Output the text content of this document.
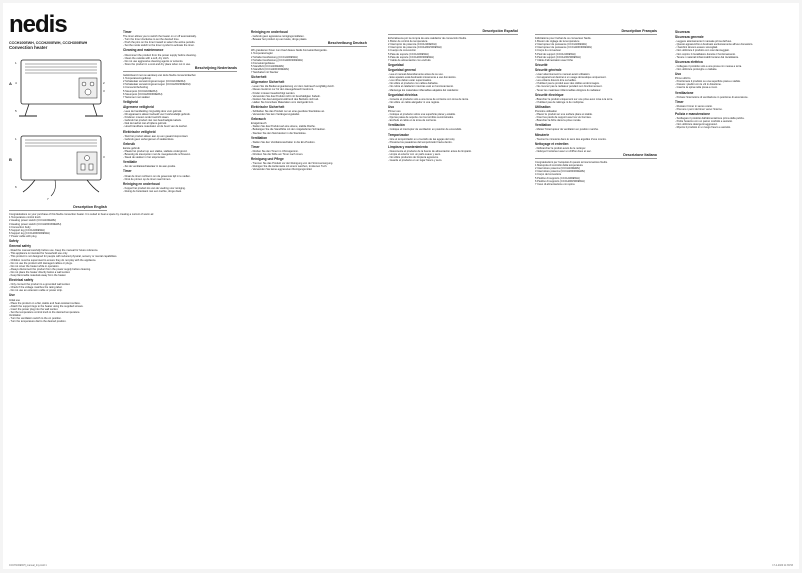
nedis
CCCH100EWH, CCCH200EWH, CCCH300EWH
Convection heater
A
1
2
3
4
5
B
1
3
6
7
Description English
Congratulations on your purchase of this Nedis convection heater. It is suited to heat a space by creating a current of warm air.
1 Temperature control knob
2 Heating power switch (CCCH100EWH)
3 Heating power switch (CCCH200/300EWH)
4 Convection body
5 Support leg (CCCH100EWH)
6 Support leg (CCCH200/300EWH)
7 Power cable with plug
Safety
General safety
- Read the manual carefully before use. Keep the manual for future reference.
- This appliance is intended for household use only.
- This product is not designed for people with reduced physical, sensory or mental capabilities.
- Children must be supervised to ensure they do not play with the appliance.
- Do not use the product with damaged cables or plugs.
- Do not cover the heater while in operation.
- Always disconnect the product from the power supply before cleaning.
- Do not place the heater directly below a wall socket.
- Keep flammable materials away from the heater.
Electrical safety
- Only connect the product to a grounded wall socket.
- Check if the voltage matches the rating label.
- Do not use an extension cable or power strip.
Use
Initial use
- Place the product on a flat, stable and heat-resistant surface.
- Attach the support legs to the heater using the supplied screws.
- Insert the power plug into the wall socket.
- Set the temperature control knob to the desired temperature.
Ventilation
- Turn the ventilation switch to the on position.
- Turn the temperature dial to the desired position.
Timer
The timer allows you to switch the heater on or off automatically.
- Turn the timer clockwise to set the desired time.
- Push the pins on the timer inward to select the active periods.
- Set the mode switch to the timer symbol to activate the timer.
Cleaning and maintenance
- Disconnect the product from the power supply before cleaning.
- Clean the outside with a soft, dry cloth.
- Do not use aggressive cleaning agents or solvents.
- Store the product in a cool and dry place when not in use.
Beschrijving Nederlands
Gefeliciteerd met uw aankoop van deze Nedis convectorkachel.
1 Temperatuurregelknop
2 Schakelaar verwarmingsvermogen (CCCH100EWH)
3 Schakelaar verwarmingsvermogen (CCCH200/300EWH)
4 Convectorbehuizing
5 Steunpoot (CCCH100EWH)
6 Steunpoot (CCCH200/300EWH)
7 Netsnoer met stekker
Veiligheid
Algemene veiligheid
- Lees de handleiding zorgvuldig door voor gebruik.
- Dit apparaat is alleen bedoeld voor huishoudelijk gebruik.
- Kinderen moeten onder toezicht staan.
- Gebruik het product niet met beschadigde kabels.
- Dek de kachel niet af tijdens gebruik.
- Houd brandbare materialen uit de buurt van de kachel.
Elektrische veiligheid
- Sluit het product alleen aan op een geaard stopcontact.
- Gebruik geen verlengsnoer of stekkerdoos.
Gebruik
Eerste gebruik
- Plaats het product op een vlakke, stabiele ondergrond.
- Bevestig de steunpoten met de meegeleverde schroeven.
- Steek de stekker in het stopcontact.
Ventilatie
- Zet de ventilatieschakelaar in de aan-positie.
Timer
- Draai de timer rechtsom om de gewenste tijd in te stellen.
- Druk de pinnen op de timer naar binnen.
Reiniging en onderhoud
- Koppel het product los van de voeding voor reiniging.
- Reinig de buitenkant met een zachte, droge doek.
Reiniging en onderhoud
- Gebruik geen agressieve reinigingsmiddelen.
- Bewaar het product op een koele, droge plaats.
Beschreibung Deutsch
Wir gratulieren Ihnen zum Kauf dieses Nedis Konvektorheizgeräts.
1 Temperaturregler
2 Schalter Heizleistung (CCCH100EWH)
3 Schalter Heizleistung (CCCH200/300EWH)
4 Konvektorgehäuse
5 Standfuß (CCCH100EWH)
6 Standfuß (CCCH200/300EWH)
7 Netzkabel mit Stecker
Sicherheit
Allgemeine Sicherheit
- Lesen Sie die Bedienungsanleitung vor dem Gebrauch sorgfältig durch.
- Dieses Gerät ist nur für den Hausgebrauch bestimmt.
- Kinder müssen beaufsichtigt werden.
- Verwenden Sie das Produkt nicht mit beschädigten Kabeln.
- Decken Sie das Heizgerät während des Betriebs nicht ab.
- Halten Sie brennbare Materialien vom Heizgerät fern.
Elektrische Sicherheit
- Schließen Sie das Produkt nur an eine geerdete Steckdose an.
- Verwenden Sie kein Verlängerungskabel.
Gebrauch
Erstgebrauch
- Stellen Sie das Produkt auf eine ebene, stabile Fläche.
- Befestigen Sie die Standfüße mit den mitgelieferten Schrauben.
- Stecken Sie den Netzstecker in die Steckdose.
Ventilation
- Stellen Sie den Ventilationsschalter in die Ein-Position.
Timer
- Drehen Sie den Timer im Uhrzeigersinn.
- Drücken Sie die Stifte am Timer nach innen.
Reinigung und Pflege
- Trennen Sie das Produkt vor der Reinigung von der Stromversorgung.
- Reinigen Sie die Außenseite mit einem weichen, trockenen Tuch.
- Verwenden Sie keine aggressiven Reinigungsmittel.
Descripción Español
Enhorabuena por la compra de este calefactor de convección Nedis.
1 Botón de control de temperatura
2 Interruptor de potencia (CCCH100EWH)
3 Interruptor de potencia (CCCH200/300EWH)
4 Cuerpo de convección
5 Pata de soporte (CCCH100EWH)
6 Pata de soporte (CCCH200/300EWH)
7 Cable de alimentación con enchufe
Seguridad
Seguridad general
- Lea el manual detenidamente antes de su uso.
- Este aparato está destinado únicamente a uso doméstico.
- Los niños deben estar supervisados.
- No utilice el producto con cables dañados.
- No cubra el calefactor mientras esté en funcionamiento.
- Mantenga los materiales inflamables alejados del calefactor.
Seguridad eléctrica
- Conecte el producto solo a una toma de corriente con toma de tierra.
- No utilice un cable alargador ni una regleta.
Uso
Primer uso
- Coloque el producto sobre una superficie plana y estable.
- Fije las patas de soporte con los tornillos suministrados.
- Enchufe el cable en la toma de corriente.
Ventilación
- Coloque el interruptor de ventilación en posición de encendido.
Temporizador
- Gire el temporizador en el sentido de las agujas del reloj.
- Presione los pasadores del temporizador hacia dentro.
Limpieza y mantenimiento
- Desconecte el producto de la fuente de alimentación antes de limpiarlo.
- Limpie el exterior con un paño suave y seco.
- No utilice productos de limpieza agresivos.
- Guarde el producto en un lugar fresco y seco.
Description Français
Félicitations pour l'achat de ce convecteur Nedis.
1 Bouton de réglage de la température
2 Interrupteur de puissance (CCCH100EWH)
3 Interrupteur de puissance (CCCH200/300EWH)
4 Corps du convecteur
5 Pied de support (CCCH100EWH)
6 Pied de support (CCCH200/300EWH)
7 Câble d'alimentation avec fiche
Sécurité
Sécurité générale
- Lisez attentivement le manuel avant utilisation.
- Cet appareil est destiné à un usage domestique uniquement.
- Les enfants doivent être surveillés.
- N'utilisez pas le produit avec des câbles endommagés.
- Ne couvrez pas le radiateur pendant son fonctionnement.
- Tenez les matériaux inflammables éloignés du radiateur.
Sécurité électrique
- Branchez le produit uniquement sur une prise avec mise à la terre.
- N'utilisez pas de rallonge ni de multiprise.
Utilisation
Première utilisation
- Placez le produit sur une surface plane et stable.
- Fixez les pieds de support avec les vis fournies.
- Branchez la fiche dans la prise murale.
Ventilation
- Mettez l'interrupteur de ventilation en position marche.
Minuterie
- Tournez la minuterie dans le sens des aiguilles d'une montre.
Nettoyage et entretien
- Débranchez le produit avant de le nettoyer.
- Nettoyez l'extérieur avec un chiffon doux et sec.
Descrizione Italiano
Congratulazioni per l'acquisto di questo termoconvettore Nedis.
1 Manopola di controllo della temperatura
2 Interruttore potenza (CCCH100EWH)
3 Interruttore potenza (CCCH200/300EWH)
4 Corpo del convettore
5 Piedino di supporto (CCCH100EWH)
6 Piedino di supporto (CCCH200/300EWH)
7 Cavo di alimentazione con spina
Sicurezza
Sicurezza generale
- Leggere attentamente il manuale prima dell'uso.
- Questo apparecchio è destinato esclusivamente all'uso domestico.
- I bambini devono essere sorvegliati.
- Non utilizzare il prodotto con cavi danneggiati.
- Non coprire il riscaldatore durante il funzionamento.
- Tenere i materiali infiammabili lontano dal riscaldatore.
Sicurezza elettrica
- Collegare il prodotto solo a una presa con messa a terra.
- Non utilizzare prolunghe o ciabatte.
Uso
Primo utilizzo
- Posizionare il prodotto su una superficie piana e stabile.
- Fissare i piedini con le viti in dotazione.
- Inserire la spina nella presa a muro.
Ventilazione
- Portare l'interruttore di ventilazione in posizione di accensione.
Timer
- Ruotare il timer in senso orario.
- Premere i perni del timer verso l'interno.
Pulizia e manutenzione
- Scollegare il prodotto dall'alimentazione prima della pulizia.
- Pulire l'esterno con un panno morbido e asciutto.
- Non utilizzare detergenti aggressivi.
- Riporre il prodotto in un luogo fresco e asciutto.
CCCH100EWH_manual_tiny.indd 1	17-2-2020 11:39:53
